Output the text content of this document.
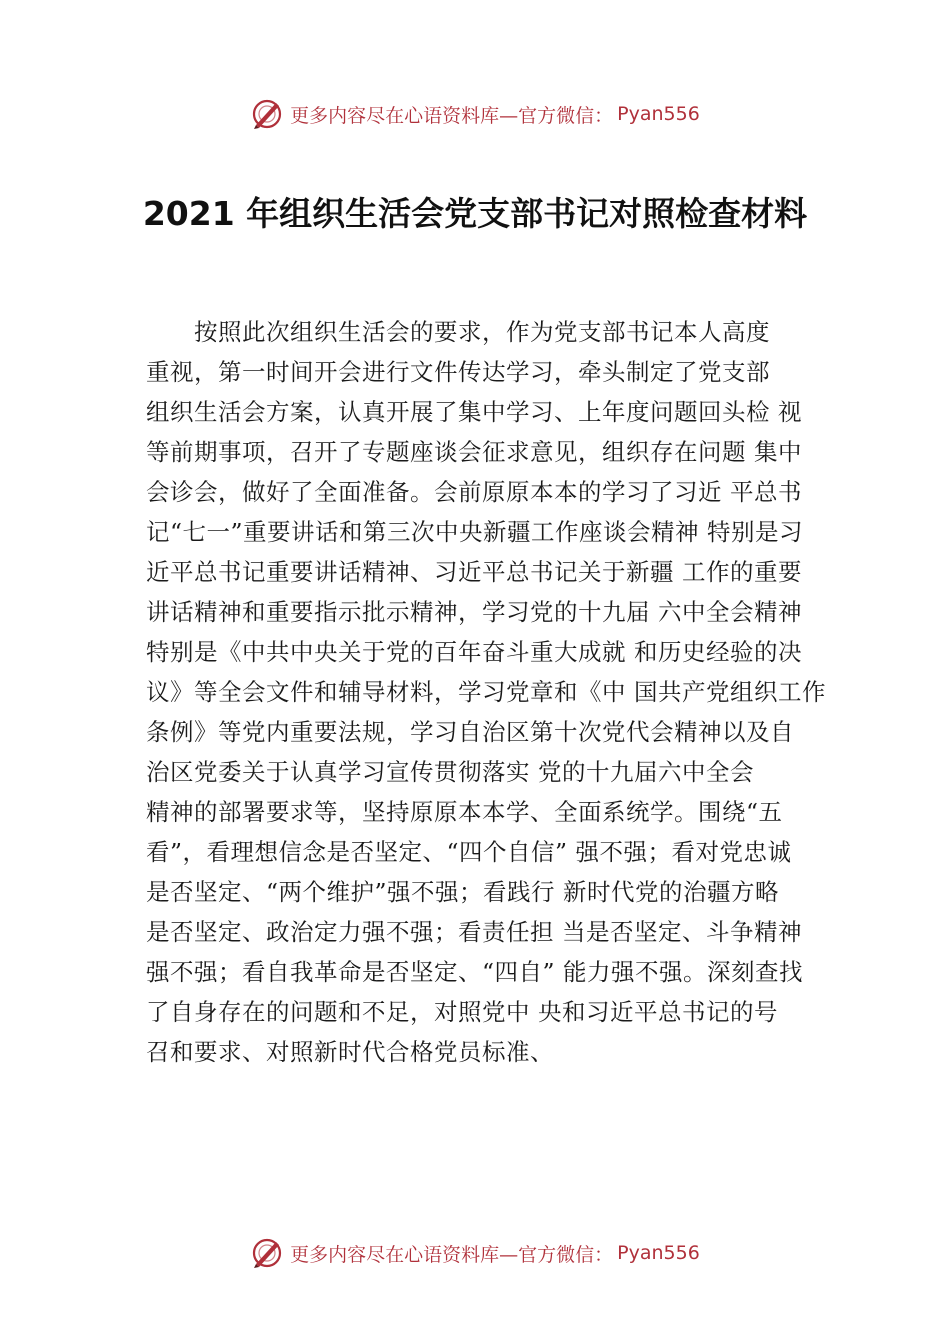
更多内容尽在心语资料库—官方微信： Pyan556
2021 年组织生活会党支部书记对照检查材料
按照此次组织生活会的要求，作为党支部书记本人高度
重视，第一时间开会进行文件传达学习，牵头制定了党支部
组织生活会方案，认真开展了集中学习、上年度问题回头检 视
等前期事项，召开了专题座谈会征求意见，组织存在问题 集中
会诊会，做好了全面准备。会前原原本本的学习了习近 平总书
记“七一”重要讲话和第三次中央新疆工作座谈会精神 特别是习
近平总书记重要讲话精神、习近平总书记关于新疆 工作的重要
讲话精神和重要指示批示精神，学习党的十九届 六中全会精神
特别是《中共中央关于党的百年奋斗重大成就 和历史经验的决
议》等全会文件和辅导材料，学习党章和《中 国共产党组织工作
条例》等党内重要法规，学习自治区第十次党代会精神以及自
治区党委关于认真学习宣传贯彻落实 党的十九届六中全会
精神的部署要求等，坚持原原本本学、全面系统学。围绕“五
看”，看理想信念是否坚定、“四个自信” 强不强；看对党忠诚
是否坚定、“两个维护”强不强；看践行 新时代党的治疆方略
是否坚定、政治定力强不强；看责任担 当是否坚定、斗争精神
强不强；看自我革命是否坚定、“四自” 能力强不强。深刻查找
了自身存在的问题和不足，对照党中 央和习近平总书记的号
召和要求、对照新时代合格党员标准、
更多内容尽在心语资料库—官方微信： Pyan556
